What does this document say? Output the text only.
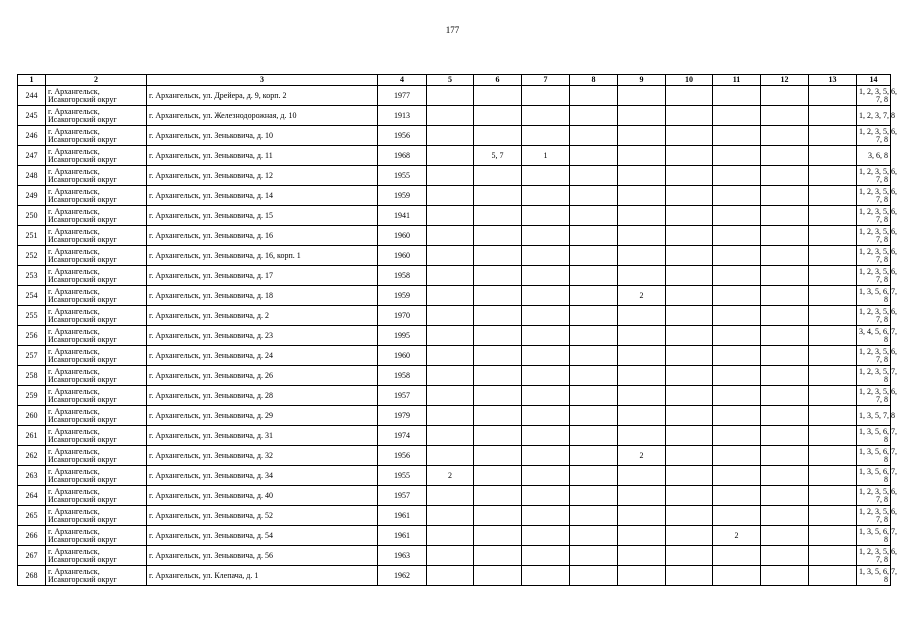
177
1	2	3	4	5	6	7	8	9	10	11	12	13	14
244	г. Архангельск,
Исакогорский округ	г. Архангельск, ул. Дрейера, д. 9, корп. 2	1977										1, 2, 3, 5, 6,
7, 8

245	г. Архангельск,
Исакогорский округ	г. Архангельск, ул. Железнодорожная, д. 10	1913										1, 2, 3, 7, 8

246	г. Архангельск,
Исакогорский округ	г. Архангельск, ул. Зеньковича, д. 10	1956										1, 2, 3, 5, 6,
7, 8

247	г. Архангельск,
Исакогорский округ	г. Архангельск, ул. Зеньковича, д. 11	1968		5, 7	1							3, 6, 8

248	г. Архангельск,
Исакогорский округ	г. Архангельск, ул. Зеньковича, д. 12	1955										1, 2, 3, 5, 6,
7, 8

249	г. Архангельск,
Исакогорский округ	г. Архангельск, ул. Зеньковича, д. 14	1959										1, 2, 3, 5, 6,
7, 8

250	г. Архангельск,
Исакогорский округ	г. Архангельск, ул. Зеньковича, д. 15	1941										1, 2, 3, 5, 6,
7, 8

251	г. Архангельск,
Исакогорский округ	г. Архангельск, ул. Зеньковича, д. 16	1960										1, 2, 3, 5, 6,
7, 8

252	г. Архангельск,
Исакогорский округ	г. Архангельск, ул. Зеньковича, д. 16, корп. 1	1960										1, 2, 3, 5, 6,
7, 8

253	г. Архангельск,
Исакогорский округ	г. Архангельск, ул. Зеньковича, д. 17	1958										1, 2, 3, 5, 6,
7, 8

254	г. Архангельск,
Исакогорский округ	г. Архангельск, ул. Зеньковича, д. 18	1959					2					1, 3, 5, 6, 7,
8

255	г. Архангельск,
Исакогорский округ	г. Архангельск, ул. Зеньковича, д. 2	1970										1, 2, 3, 5, 6,
7, 8

256	г. Архангельск,
Исакогорский округ	г. Архангельск, ул. Зеньковича, д. 23	1995										3, 4, 5, 6, 7,
8

257	г. Архангельск,
Исакогорский округ	г. Архангельск, ул. Зеньковича, д. 24	1960										1, 2, 3, 5, 6,
7, 8

258	г. Архангельск,
Исакогорский округ	г. Архангельск, ул. Зеньковича, д. 26	1958										1, 2, 3, 5, 7,
8

259	г. Архангельск,
Исакогорский округ	г. Архангельск, ул. Зеньковича, д. 28	1957										1, 2, 3, 5, 6,
7, 8

260	г. Архангельск,
Исакогорский округ	г. Архангельск, ул. Зеньковича, д. 29	1979										1, 3, 5, 7, 8

261	г. Архангельск,
Исакогорский округ	г. Архангельск, ул. Зеньковича, д. 31	1974										1, 3, 5, 6, 7,
8

262	г. Архангельск,
Исакогорский округ	г. Архангельск, ул. Зеньковича, д. 32	1956					2					1, 3, 5, 6, 7,
8

263	г. Архангельск,
Исакогорский округ	г. Архангельск, ул. Зеньковича, д. 34	1955	2									1, 3, 5, 6, 7,
8

264	г. Архангельск,
Исакогорский округ	г. Архангельск, ул. Зеньковича, д. 40	1957										1, 2, 3, 5, 6,
7, 8

265	г. Архангельск,
Исакогорский округ	г. Архангельск, ул. Зеньковича, д. 52	1961										1, 2, 3, 5, 6,
7, 8

266	г. Архангельск,
Исакогорский округ	г. Архангельск, ул. Зеньковича, д. 54	1961							2			1, 3, 5, 6, 7,
8

267	г. Архангельск,
Исакогорский округ	г. Архангельск, ул. Зеньковича, д. 56	1963										1, 2, 3, 5, 6,
7, 8

268	г. Архангельск,
Исакогорский округ	г. Архангельск, ул. Клепача, д. 1	1962										1, 3, 5, 6, 7,
8
